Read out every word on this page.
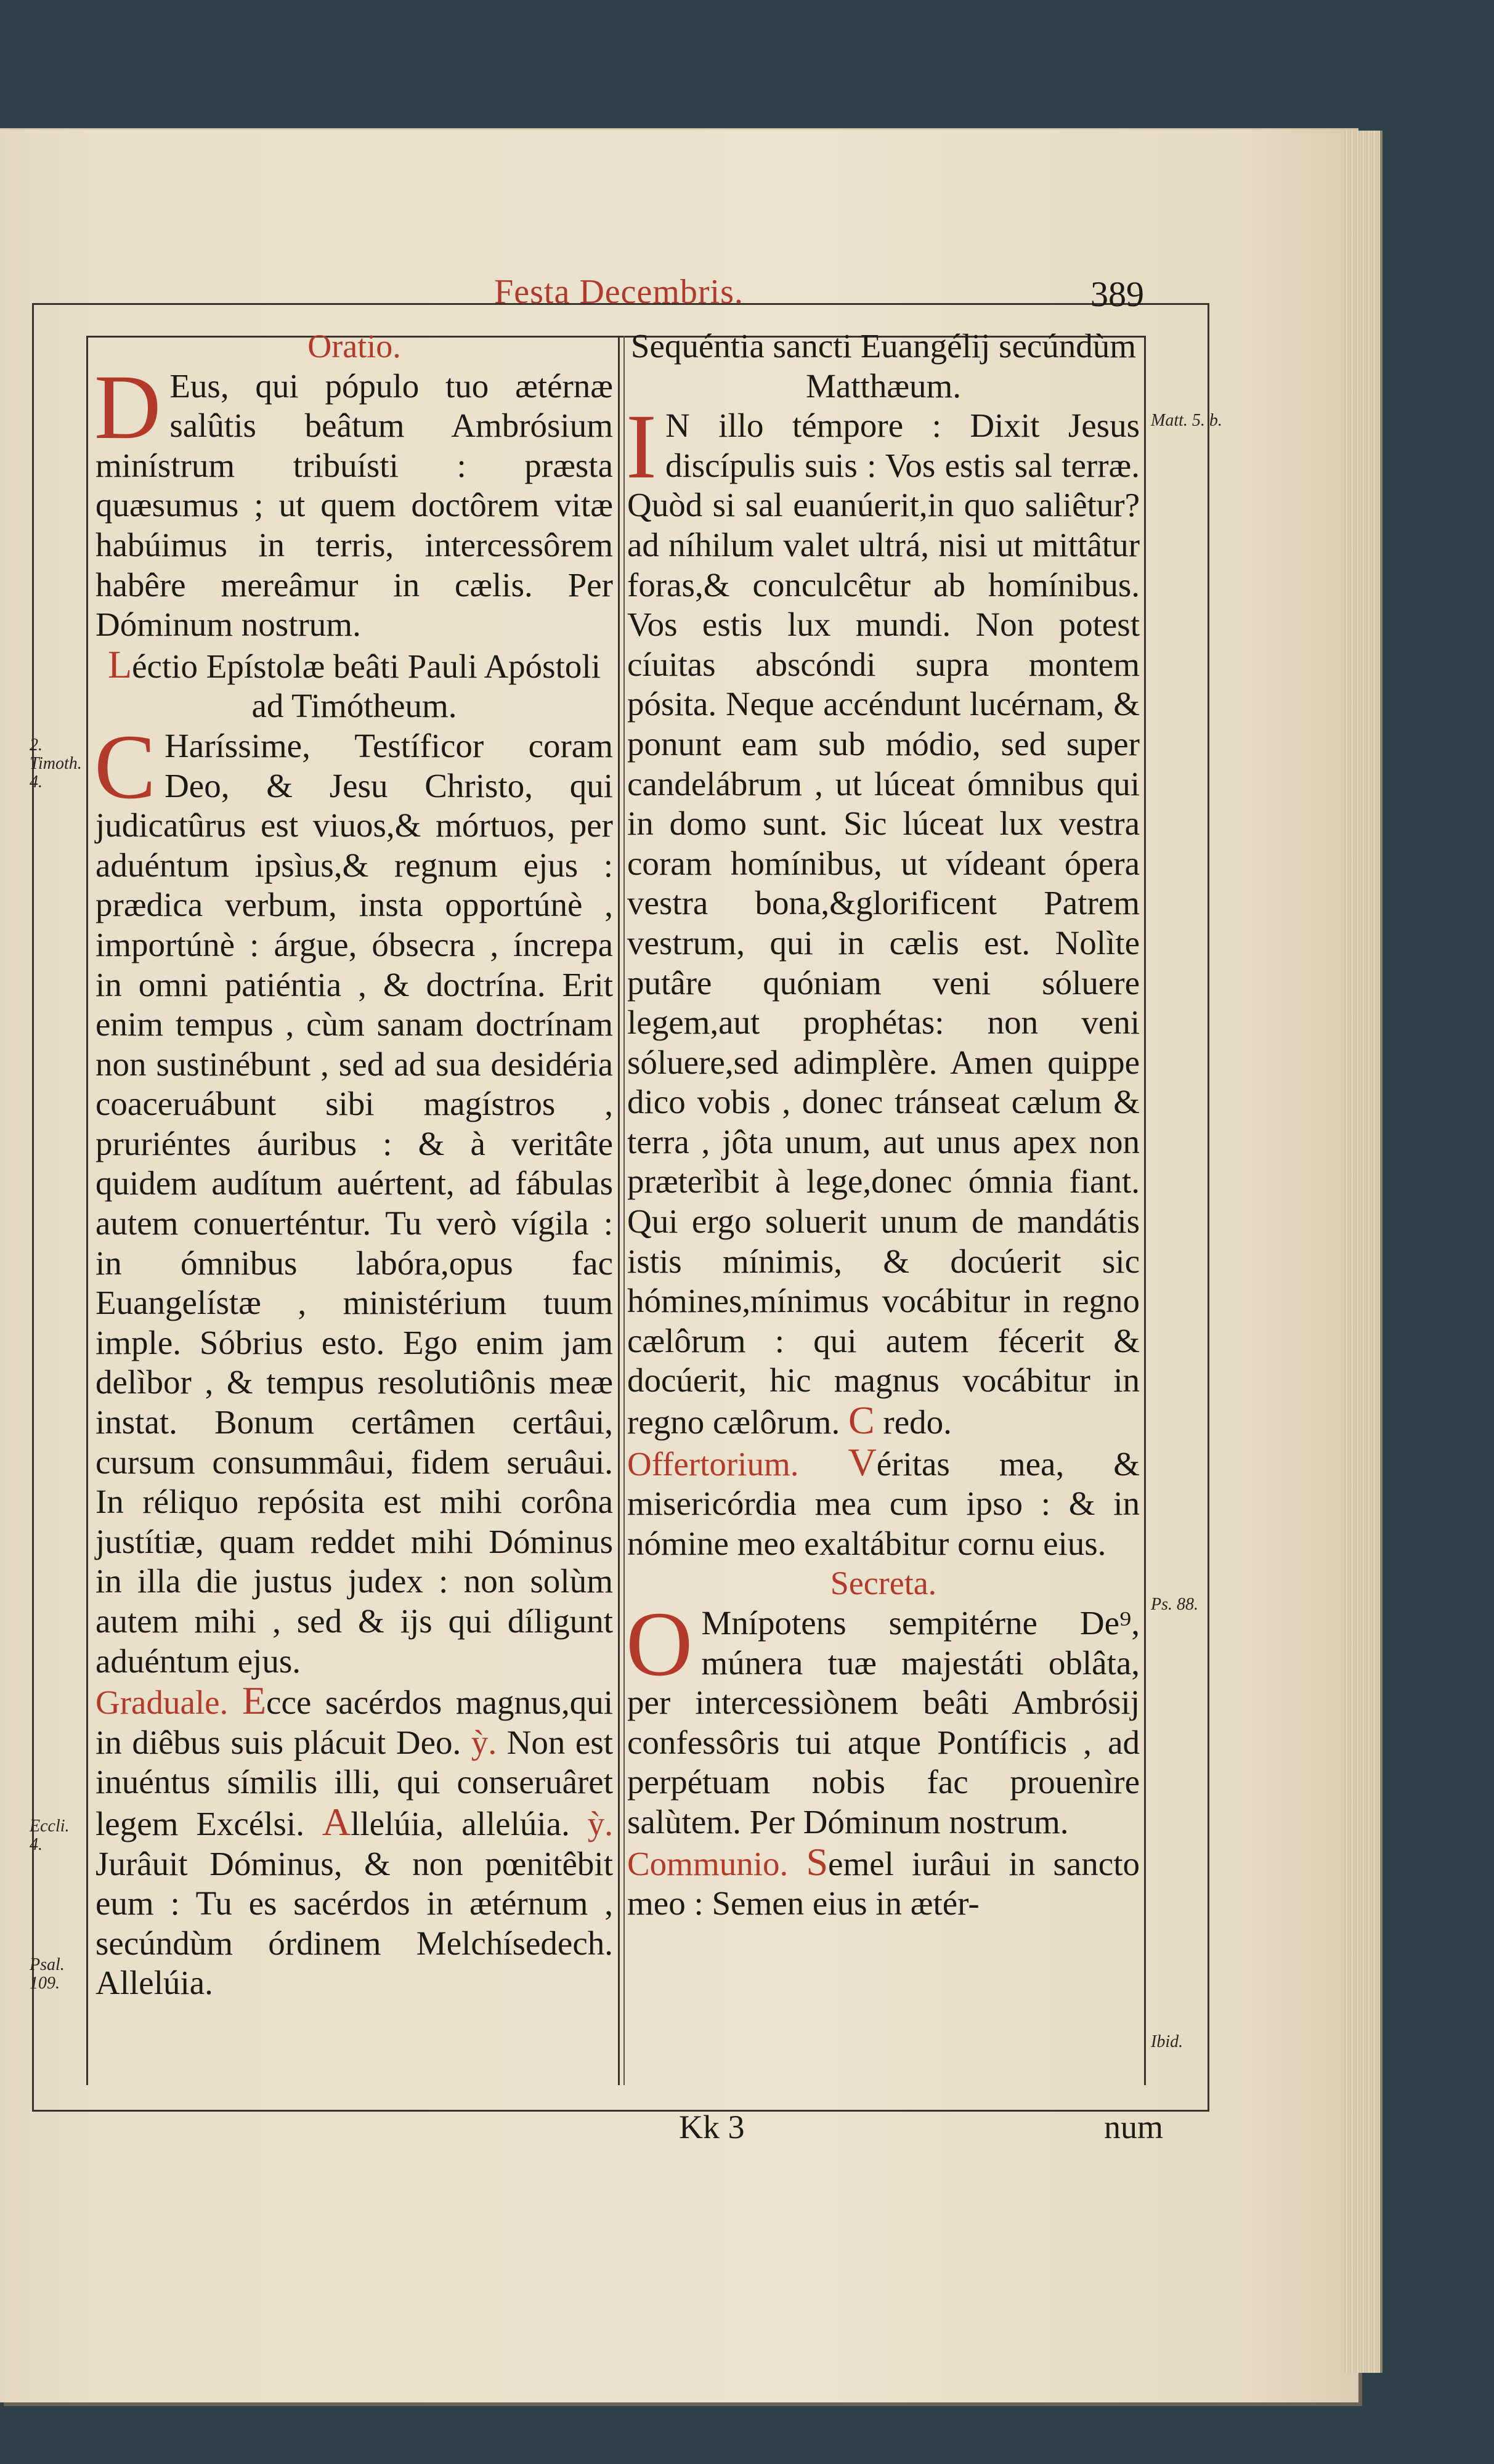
Festa Decembris.	389

Oratio.

D Eus, qui pópulo tuo ætérnæ salûtis beâtum Ambrósium minístrum tribuísti : præsta quæsumus ; ut quem doctôrem vitæ habúimus in terris, intercessôrem habêre mereâmur in cælis. Per Dóminum nostrum.

Léctio Epístolæ beâti Pauli Apóstoli ad Timótheum.

C Haríssime, Testíficor coram Deo, & Jesu Christo, qui judicatûrus est viuos,& mórtuos, per aduéntum ipsìus,& regnum ejus : prædica verbum, insta opportúnè , importúnè : árgue, óbsecra , íncrepa in omni patiéntia , & doctrína. Erit enim tempus , cùm sanam doctrínam non sustinébunt , sed ad sua desidéria coaceruábunt sibi magístros , pruriéntes áuribus : & à veritâte quidem audítum auértent, ad fábulas autem conuerténtur. Tu verò vígila : in ómnibus labóra,opus fac Euangelístæ , ministérium tuum imple. Sóbrius esto. Ego enim jam delìbor , & tempus resolutiônis meæ instat. Bonum certâmen certâui, cursum consummâui, fidem seruâui. In réliquo repósita est mihi corôna justítiæ, quam reddet mihi Dóminus in illa die justus judex : non solùm autem mihi , sed & ijs qui díligunt aduéntum ejus.

Graduale. Ecce sacérdos magnus,qui in diêbus suis plácuit Deo. ỳ. Non est inuéntus símilis illi, qui conseruâret legem Excélsi. Allelúia, allelúia. ỳ. Jurâuit Dóminus, & non pœnitêbit eum : Tu es sacérdos in ætérnum , secúndùm órdinem Melchísedech. Allelúia.

Sequéntia sancti Euangélij secúndùm Matthæum.

I N illo témpore : Dixit Jesus discípulis suis : Vos estis sal terræ. Quòd si sal euanúerit,in quo saliêtur? ad níhilum valet ultrá, nisi ut mittâtur foras,& conculcêtur ab homínibus. Vos estis lux mundi. Non potest cíuitas abscóndi supra montem pósita. Neque accéndunt lucérnam, & ponunt eam sub módio, sed super candelábrum , ut lúceat ómnibus qui in domo sunt. Sic lúceat lux vestra coram homínibus, ut vídeant ópera vestra bona,&glorificent Patrem vestrum, qui in cælis est. Nolìte putâre quóniam veni sóluere legem,aut prophétas: non veni sóluere,sed adimplère. Amen quippe dico vobis , donec tránseat cælum & terra , jôta unum, aut unus apex non præterìbit à lege,donec ómnia fiant. Qui ergo soluerit unum de mandátis istis mínimis, & docúerit sic hómines,mínimus vocábitur in regno cælôrum : qui autem fécerit & docúerit, hic magnus vocábitur in regno cælôrum. C redo.

Offertorium. Véritas mea, & misericórdia mea cum ipso : & in nómine meo exaltábitur cornu eius.

Secreta.

O Mnípotens sempitérne De⁹, múnera tuæ majestáti oblâta, per intercessiònem beâti Ambrósij confessôris tui atque Pontíficis , ad perpétuam nobis fac prouenìre salùtem. Per Dóminum nostrum.

Communio. Semel iurâui in sancto meo : Semen eius in ætér-

2. Timoth. 4.
Eccli. 4.
Psal. 109.
Matt. 5. b.
Ps. 88.
Ibid.
Kk 3	num
